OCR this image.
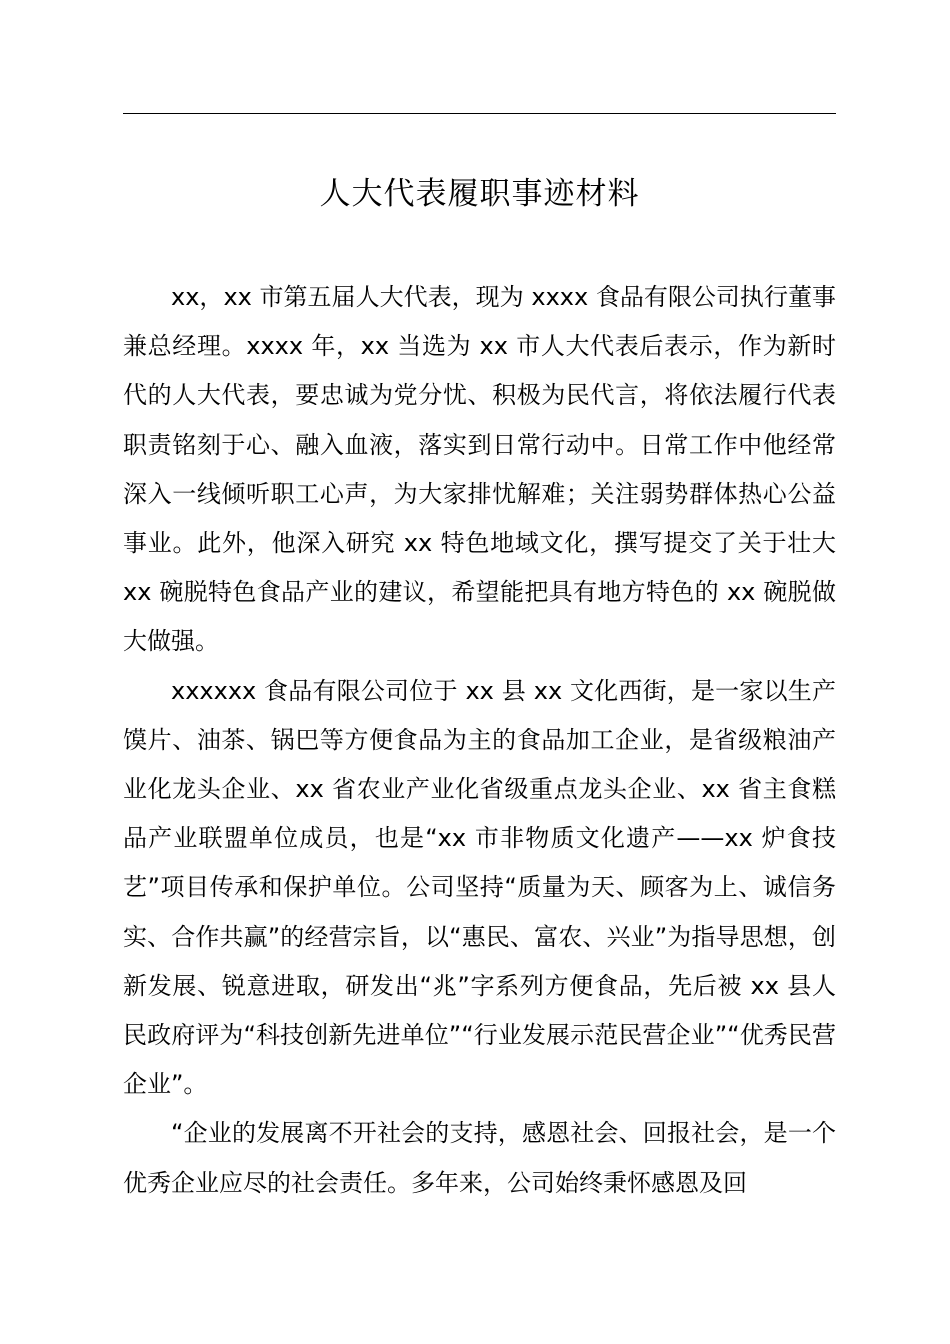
人大代表履职事迹材料

xx，xx 市第五届人大代表，现为 xxxx 食品有限公司执行董事兼总经理。xxxx 年，xx 当选为 xx 市人大代表后表示，作为新时代的人大代表，要忠诚为党分忧、积极为民代言，将依法履行代表职责铭刻于心、融入血液，落实到日常行动中。日常工作中他经常深入一线倾听职工心声，为大家排忧解难；关注弱势群体热心公益事业。此外，他深入研究 xx 特色地域文化，撰写提交了关于壮大 xx 碗脱特色食品产业的建议，希望能把具有地方特色的 xx 碗脱做大做强。

xxxxxx 食品有限公司位于 xx 县 xx 文化西街，是一家以生产馍片、油茶、锅巴等方便食品为主的食品加工企业，是省级粮油产业化龙头企业、xx 省农业产业化省级重点龙头企业、xx 省主食糕品产业联盟单位成员，也是“xx 市非物质文化遗产——xx 炉食技艺”项目传承和保护单位。公司坚持“质量为天、顾客为上、诚信务实、合作共赢”的经营宗旨，以“惠民、富农、兴业”为指导思想，创新发展、锐意进取，研发出“兆”字系列方便食品，先后被 xx 县人民政府评为“科技创新先进单位”“行业发展示范民营企业”“优秀民营企业”。

“企业的发展离不开社会的支持，感恩社会、回报社会，是一个优秀企业应尽的社会责任。多年来，公司始终秉怀感恩及回
